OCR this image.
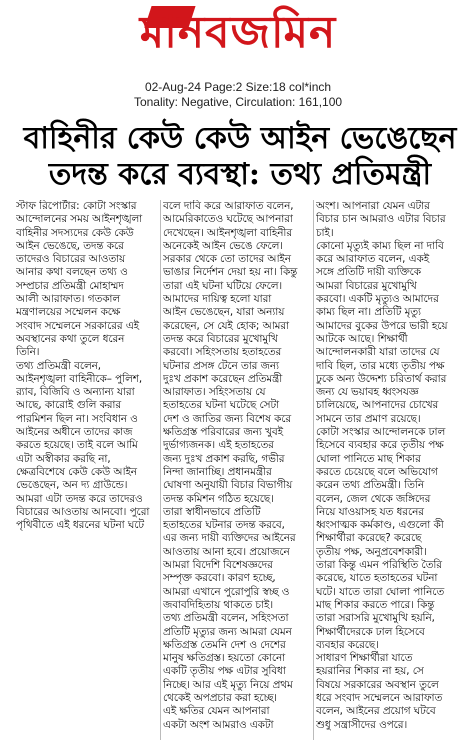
মানবজমিন
02-Aug-24 Page:2 Size:18 col*inch
Tonality: Negative, Circulation: 161,100
বাহিনীর কেউ কেউ আইন ভেঙেছেন
তদন্ত করে ব্যবস্থা: তথ্য প্রতিমন্ত্রী

স্টাফ রিপোর্টার: কোটা সংস্কার
আন্দোলনের সময় আইনশৃঙ্খলা
বাহিনীর সদস্যদের কেউ কেউ
আইন ভেঙেছে, তদন্ত করে
তাদেরও বিচারের আওতায়
আনার কথা বলছেন তথ্য ও
সম্প্রচার প্রতিমন্ত্রী মোহাম্মদ
আলী আরাফাত। গতকাল
মন্ত্রণালয়ের সম্মেলন কক্ষে
সংবাদ সম্মেলনে সরকারের এই
অবস্থানের কথা তুলে ধরেন
তিনি।
তথ্য প্রতিমন্ত্রী বলেন,
আইনশৃঙ্খলা বাহিনীকে– পুলিশ,
র‌্যাব, বিজিবি ও অন্যান্য যারা
আছে, কারোই গুলি করার
পারমিশন ছিল না। সংবিধান ও
আইনের অধীনে তাদের কাজ
করতে হয়েছে। তাই বলে আমি
এটা অস্বীকার করছি না,
ক্ষেত্রবিশেষে কেউ কেউ আইন
ভেঙেছেন, অন দ্য গ্রাউন্ডে।
আমরা এটা তদন্ত করে তাদেরও
বিচারের আওতায় আনবো। পুরো
পৃথিবীতে এই ধরনের ঘটনা ঘটে

বলে দাবি করে আরাফাত বলেন,
আমেরিকাতেও ঘটেছে আপনারা
দেখেছেন। আইনশৃঙ্খলা বাহিনীর
অনেকেই আইন ভেঙে ফেলে।
সরকার থেকে তো তাদের আইন
ভাঙার নির্দেশন দেয়া হয় না। কিন্তু
তারা এই ঘটনা ঘটিয়ে ফেলে।
আমাদের দায়িত্ব হলো যারা
আইন ভেঙেছেন, যারা অন্যায়
করেছেন, সে যেই হোক; আমরা
তদন্ত করে বিচারের মুখোমুখি
করবো। সহিংসতায় হতাহতের
ঘটনার প্রসঙ্গ টেনে তার জন্য
দুঃখ প্রকাশ করেছেন প্রতিমন্ত্রী
আরাফাত। সহিংসতায় যে
হতাহতের ঘটনা ঘটেছে সেটা
দেশ ও জাতির জন্য বিশেষ করে
ক্ষতিগ্রস্ত পরিবারের জন্য খুবই
দুর্ভাগ্যজনক। এই হতাহতের
জন্য দুঃখ প্রকাশ করছি, গভীর
নিন্দা জানাচ্ছি। প্রধানমন্ত্রীর
ঘোষণা অনুযায়ী বিচার বিভাগীয়
তদন্ত কমিশন গঠিত হয়েছে।
তারা স্বাধীনভাবে প্রতিটি
হতাহতের ঘটনার তদন্ত করবে,
এর জন্য দায়ী ব্যক্তিদের আইনের
আওতায় আনা হবে। প্রয়োজনে
আমরা বিদেশি বিশেষজ্ঞদের
সম্পৃক্ত করবো। কারণ হচ্ছে,
আমরা এখানে পুরোপুরি স্বচ্ছ ও
জবাবদিহিতায় থাকতে চাই।
তথ্য প্রতিমন্ত্রী বলেন, সহিংসতা
প্রতিটি মৃত্যুর জন্য আমরা যেমন
ক্ষতিগ্রস্ত তেমনি দেশ ও দেশের
মানুষ ক্ষতিগ্রস্ত। হয়তো কোনো
একটি তৃতীয় পক্ষ এটার সুবিধা
নিচ্ছে। আর এই মৃত্যু নিয়ে প্রথম
থেকেই অপপ্রচার করা হচ্ছে।
এই ক্ষতির যেমন আপনারা
একটা অংশ আমরাও একটা

অংশ। আপনারা যেমন এটার
বিচার চান আমরাও এটার বিচার
চাই।
কোনো মৃত্যুই কাম্য ছিল না দাবি
করে আরাফাত বলেন, একই
সঙ্গে প্রতিটি দায়ী ব্যক্তিকে
আমরা বিচারের মুখোমুখি
করবো। একটি মৃত্যুও আমাদের
কাম্য ছিল না। প্রতিটি মৃত্যু
আমাদের বুকের উপরে ভারী হয়ে
আটকে আছে। শিক্ষার্থী
আন্দোলনকারী যারা তাদের যে
দাবি ছিল, তার মধ্যে তৃতীয় পক্ষ
ঢুকে অন্য উদ্দেশ্য চরিতার্থ করার
জন্য যে ভয়াবহ ধ্বংসযজ্ঞ
চালিয়েছে, আপনাদের চোখের
সামনে তার প্রমাণ রয়েছে।
কোটা সংস্কার আন্দোলনকে ঢাল
হিসেবে ব্যবহার করে তৃতীয় পক্ষ
ঘোলা পানিতে মাছ শিকার
করতে চেয়েছে বলে অভিযোগ
করেন তথ্য প্রতিমন্ত্রী। তিনি
বলেন, জেল থেকে জঙ্গিদের
নিয়ে যাওয়াসহ যত ধরনের
ধ্বংসাত্মক কর্মকাণ্ড, এগুলো কী
শিক্ষার্থীরা করেছে? করেছে
তৃতীয় পক্ষ, অনুপ্রবেশকারী।
তারা কিন্তু এমন পরিস্থিতি তৈরি
করেছে, যাতে হতাহতের ঘটনা
ঘটে। যাতে তারা ঘোলা পানিতে
মাছ শিকার করতে পারে। কিন্তু
তারা সরাসরি মুখোমুখি হয়নি,
শিক্ষার্থীদেরকে ঢাল হিসেবে
ব্যবহার করেছে।
সাধারণ শিক্ষার্থীরা যাতে
হয়রানির শিকার না হয়, সে
বিষয়ে সরকারের অবস্থান তুলে
ধরে সংবাদ সম্মেলনে আরাফাত
বলেন, আইনের প্রয়োগ ঘটবে
শুধু সন্ত্রাসীদের ওপরে।
